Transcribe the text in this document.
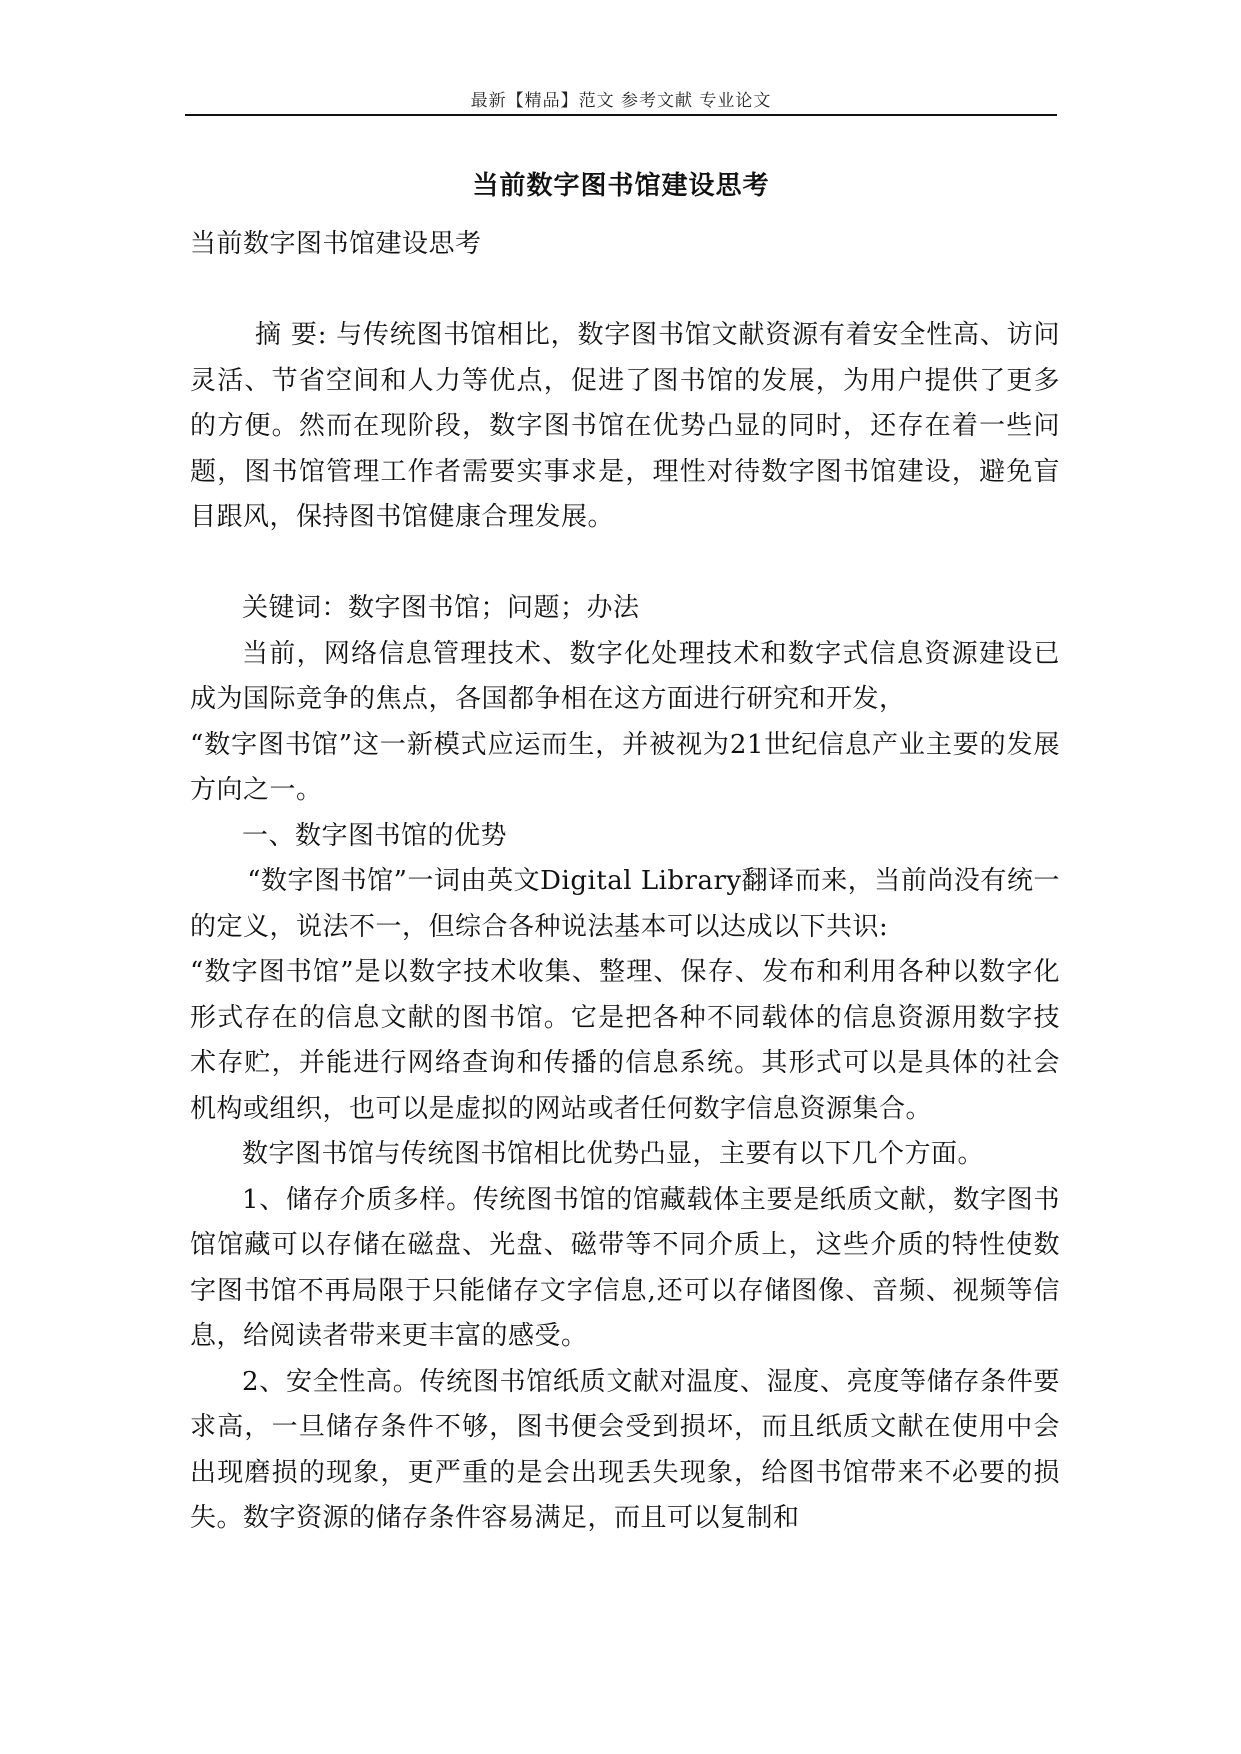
最新【精品】范文 参考文献 专业论文
当前数字图书馆建设思考

当前数字图书馆建设思考

摘 要: 与传统图书馆相比，数字图书馆文献资源有着安全性高、访问灵活、节省空间和人力等优点，促进了图书馆的发展，为用户提供了更多的方便。然而在现阶段，数字图书馆在优势凸显的同时，还存在着一些问题，图书馆管理工作者需要实事求是，理性对待数字图书馆建设，避免盲目跟风，保持图书馆健康合理发展。

关键词：数字图书馆；问题；办法

当前，网络信息管理技术、数字化处理技术和数字式信息资源建设已成为国际竞争的焦点，各国都争相在这方面进行研究和开发，

“数字图书馆”这一新模式应运而生，并被视为21世纪信息产业主要的发展方向之一。

一、数字图书馆的优势

“数字图书馆”一词由英文Digital Library翻译而来，当前尚没有统一的定义，说法不一，但综合各种说法基本可以达成以下共识:

“数字图书馆”是以数字技术收集、整理、保存、发布和利用各种以数字化形式存在的信息文献的图书馆。它是把各种不同载体的信息资源用数字技术存贮，并能进行网络查询和传播的信息系统。其形式可以是具体的社会机构或组织，也可以是虚拟的网站或者任何数字信息资源集合。

数字图书馆与传统图书馆相比优势凸显，主要有以下几个方面。

1、储存介质多样。传统图书馆的馆藏载体主要是纸质文献，数字图书馆馆藏可以存储在磁盘、光盘、磁带等不同介质上，这些介质的特性使数字图书馆不再局限于只能储存文字信息,还可以存储图像、音频、视频等信息，给阅读者带来更丰富的感受。

2、安全性高。传统图书馆纸质文献对温度、湿度、亮度等储存条件要求高，一旦储存条件不够，图书便会受到损坏，而且纸质文献在使用中会出现磨损的现象，更严重的是会出现丢失现象，给图书馆带来不必要的损失。数字资源的储存条件容易满足，而且可以复制和
